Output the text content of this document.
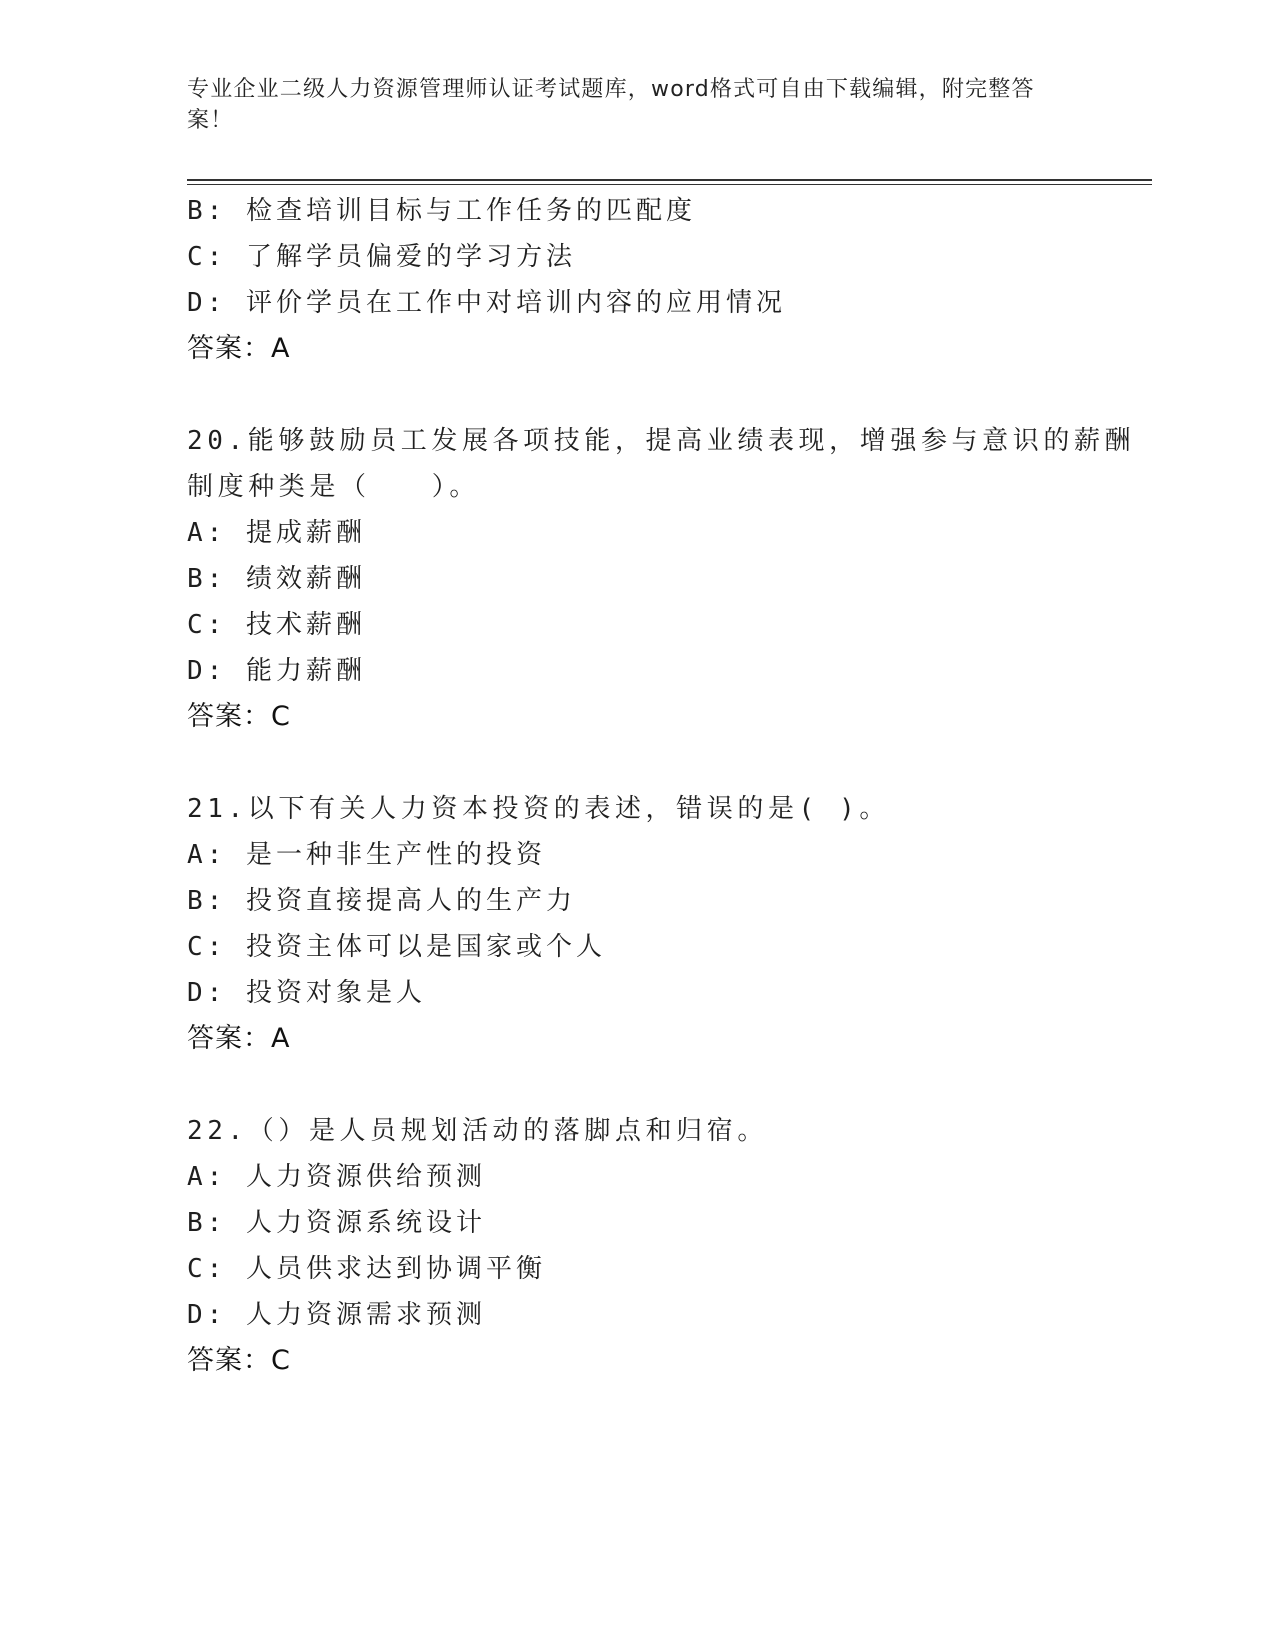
专业企业二级人力资源管理师认证考试题库，word格式可自由下载编辑，附完整答案！
B: 检查培训目标与工作任务的匹配度
C: 了解学员偏爱的学习方法
D: 评价学员在工作中对培训内容的应用情况
答案：A
20.能够鼓励员工发展各项技能，提高业绩表现，增强参与意识的薪酬
制度种类是（　　）。
A: 提成薪酬
B: 绩效薪酬
C: 技术薪酬
D: 能力薪酬
答案：C
21.以下有关人力资本投资的表述，错误的是( )。
A: 是一种非生产性的投资
B: 投资直接提高人的生产力
C: 投资主体可以是国家或个人
D: 投资对象是人
答案：A
22.（）是人员规划活动的落脚点和归宿。
A: 人力资源供给预测
B: 人力资源系统设计
C: 人员供求达到协调平衡
D: 人力资源需求预测
答案：C
